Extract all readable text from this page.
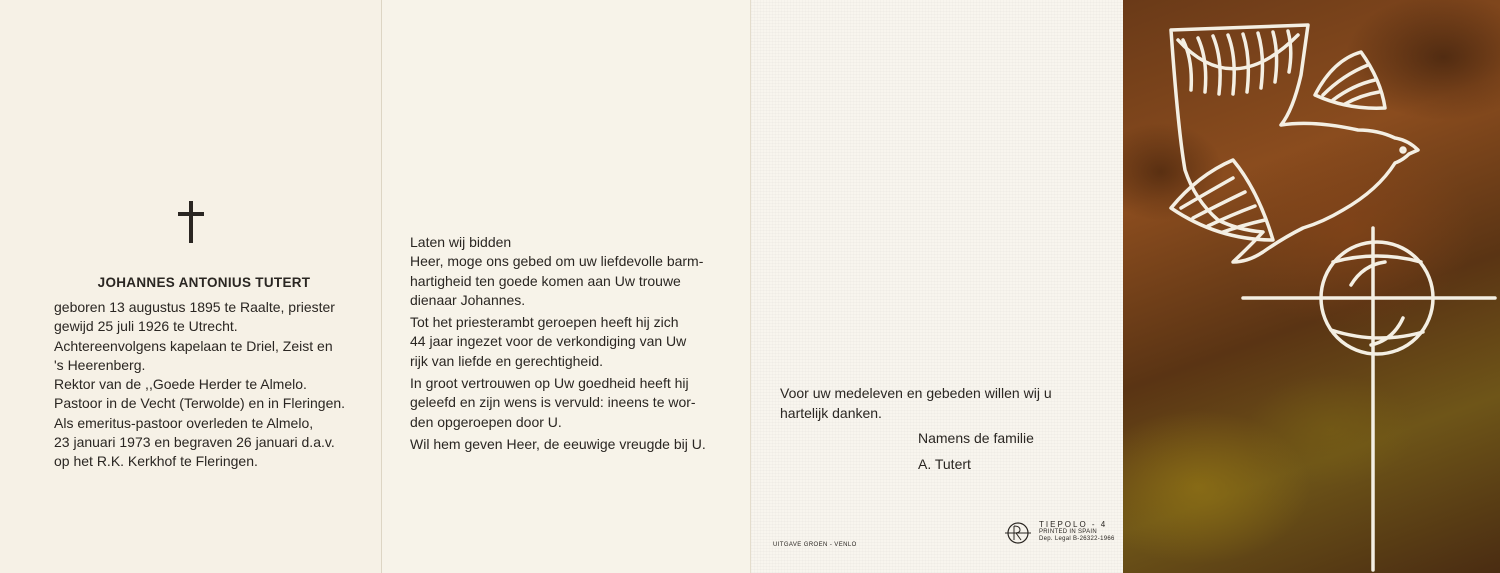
JOHANNES ANTONIUS TUTERT
geboren 13 augustus 1895 te Raalte, priester
gewijd 25 juli 1926 te Utrecht.
Achtereenvolgens kapelaan te Driel, Zeist en
's Heerenberg.
Rektor van de ,,Goede Herder te Almelo.
Pastoor in de Vecht (Terwolde) en in Fleringen.
Als emeritus-pastoor overleden te Almelo,
23 januari 1973 en begraven 26 januari d.a.v.
op het R.K. Kerkhof te Fleringen.
Laten wij bidden
Heer, moge ons gebed om uw liefdevolle barm-
hartigheid ten goede komen aan Uw trouwe
dienaar Johannes.
Tot het priesterambt geroepen heeft hij zich
44 jaar ingezet voor de verkondiging van Uw
rijk van liefde en gerechtigheid.
In groot vertrouwen op Uw goedheid heeft hij
geleefd en zijn wens is vervuld: ineens te wor-
den opgeroepen door U.
Wil hem geven Heer, de eeuwige vreugde bij U.
Voor uw medeleven en gebeden willen wij u
hartelijk danken.
Namens de familie
A. Tutert
UITGAVE GROEN - VENLO
TIEPOLO - 4
PRINTED IN SPAIN
Dep. Legal B-26322-1966
